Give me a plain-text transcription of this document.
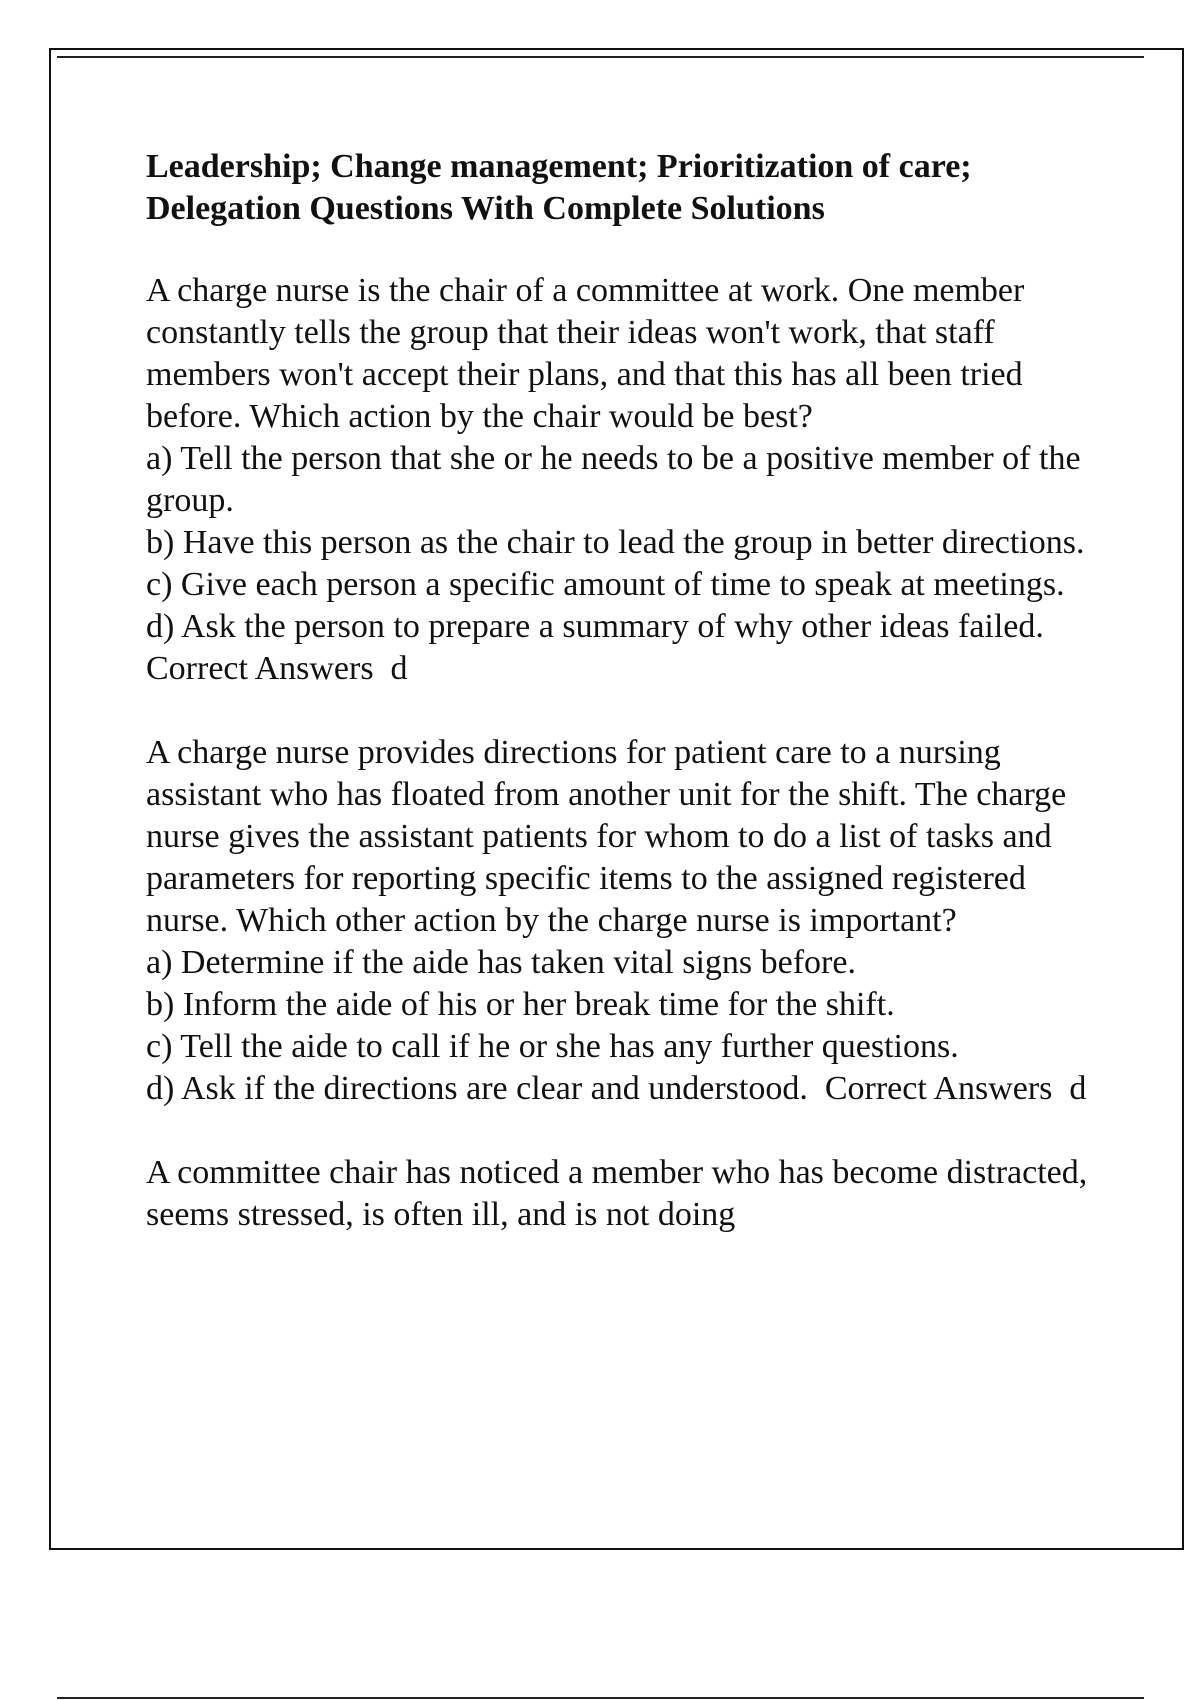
Leadership; Change management; Prioritization of care; Delegation Questions With Complete Solutions

A charge nurse is the chair of a committee at work. One member constantly tells the group that their ideas won't work, that staff members won't accept their plans, and that this has all been tried before. Which action by the chair would be best?

a) Tell the person that she or he needs to be a positive member of the group.

b) Have this person as the chair to lead the group in better directions.

c) Give each person a specific amount of time to speak at meetings.

d) Ask the person to prepare a summary of why other ideas failed.  Correct Answers  d

A charge nurse provides directions for patient care to a nursing assistant who has floated from another unit for the shift. The charge nurse gives the assistant patients for whom to do a list of tasks and parameters for reporting specific items to the assigned registered nurse. Which other action by the charge nurse is important?

a) Determine if the aide has taken vital signs before.

b) Inform the aide of his or her break time for the shift.

c) Tell the aide to call if he or she has any further questions.

d) Ask if the directions are clear and understood.  Correct Answers  d

A committee chair has noticed a member who has become distracted, seems stressed, is often ill, and is not doing
